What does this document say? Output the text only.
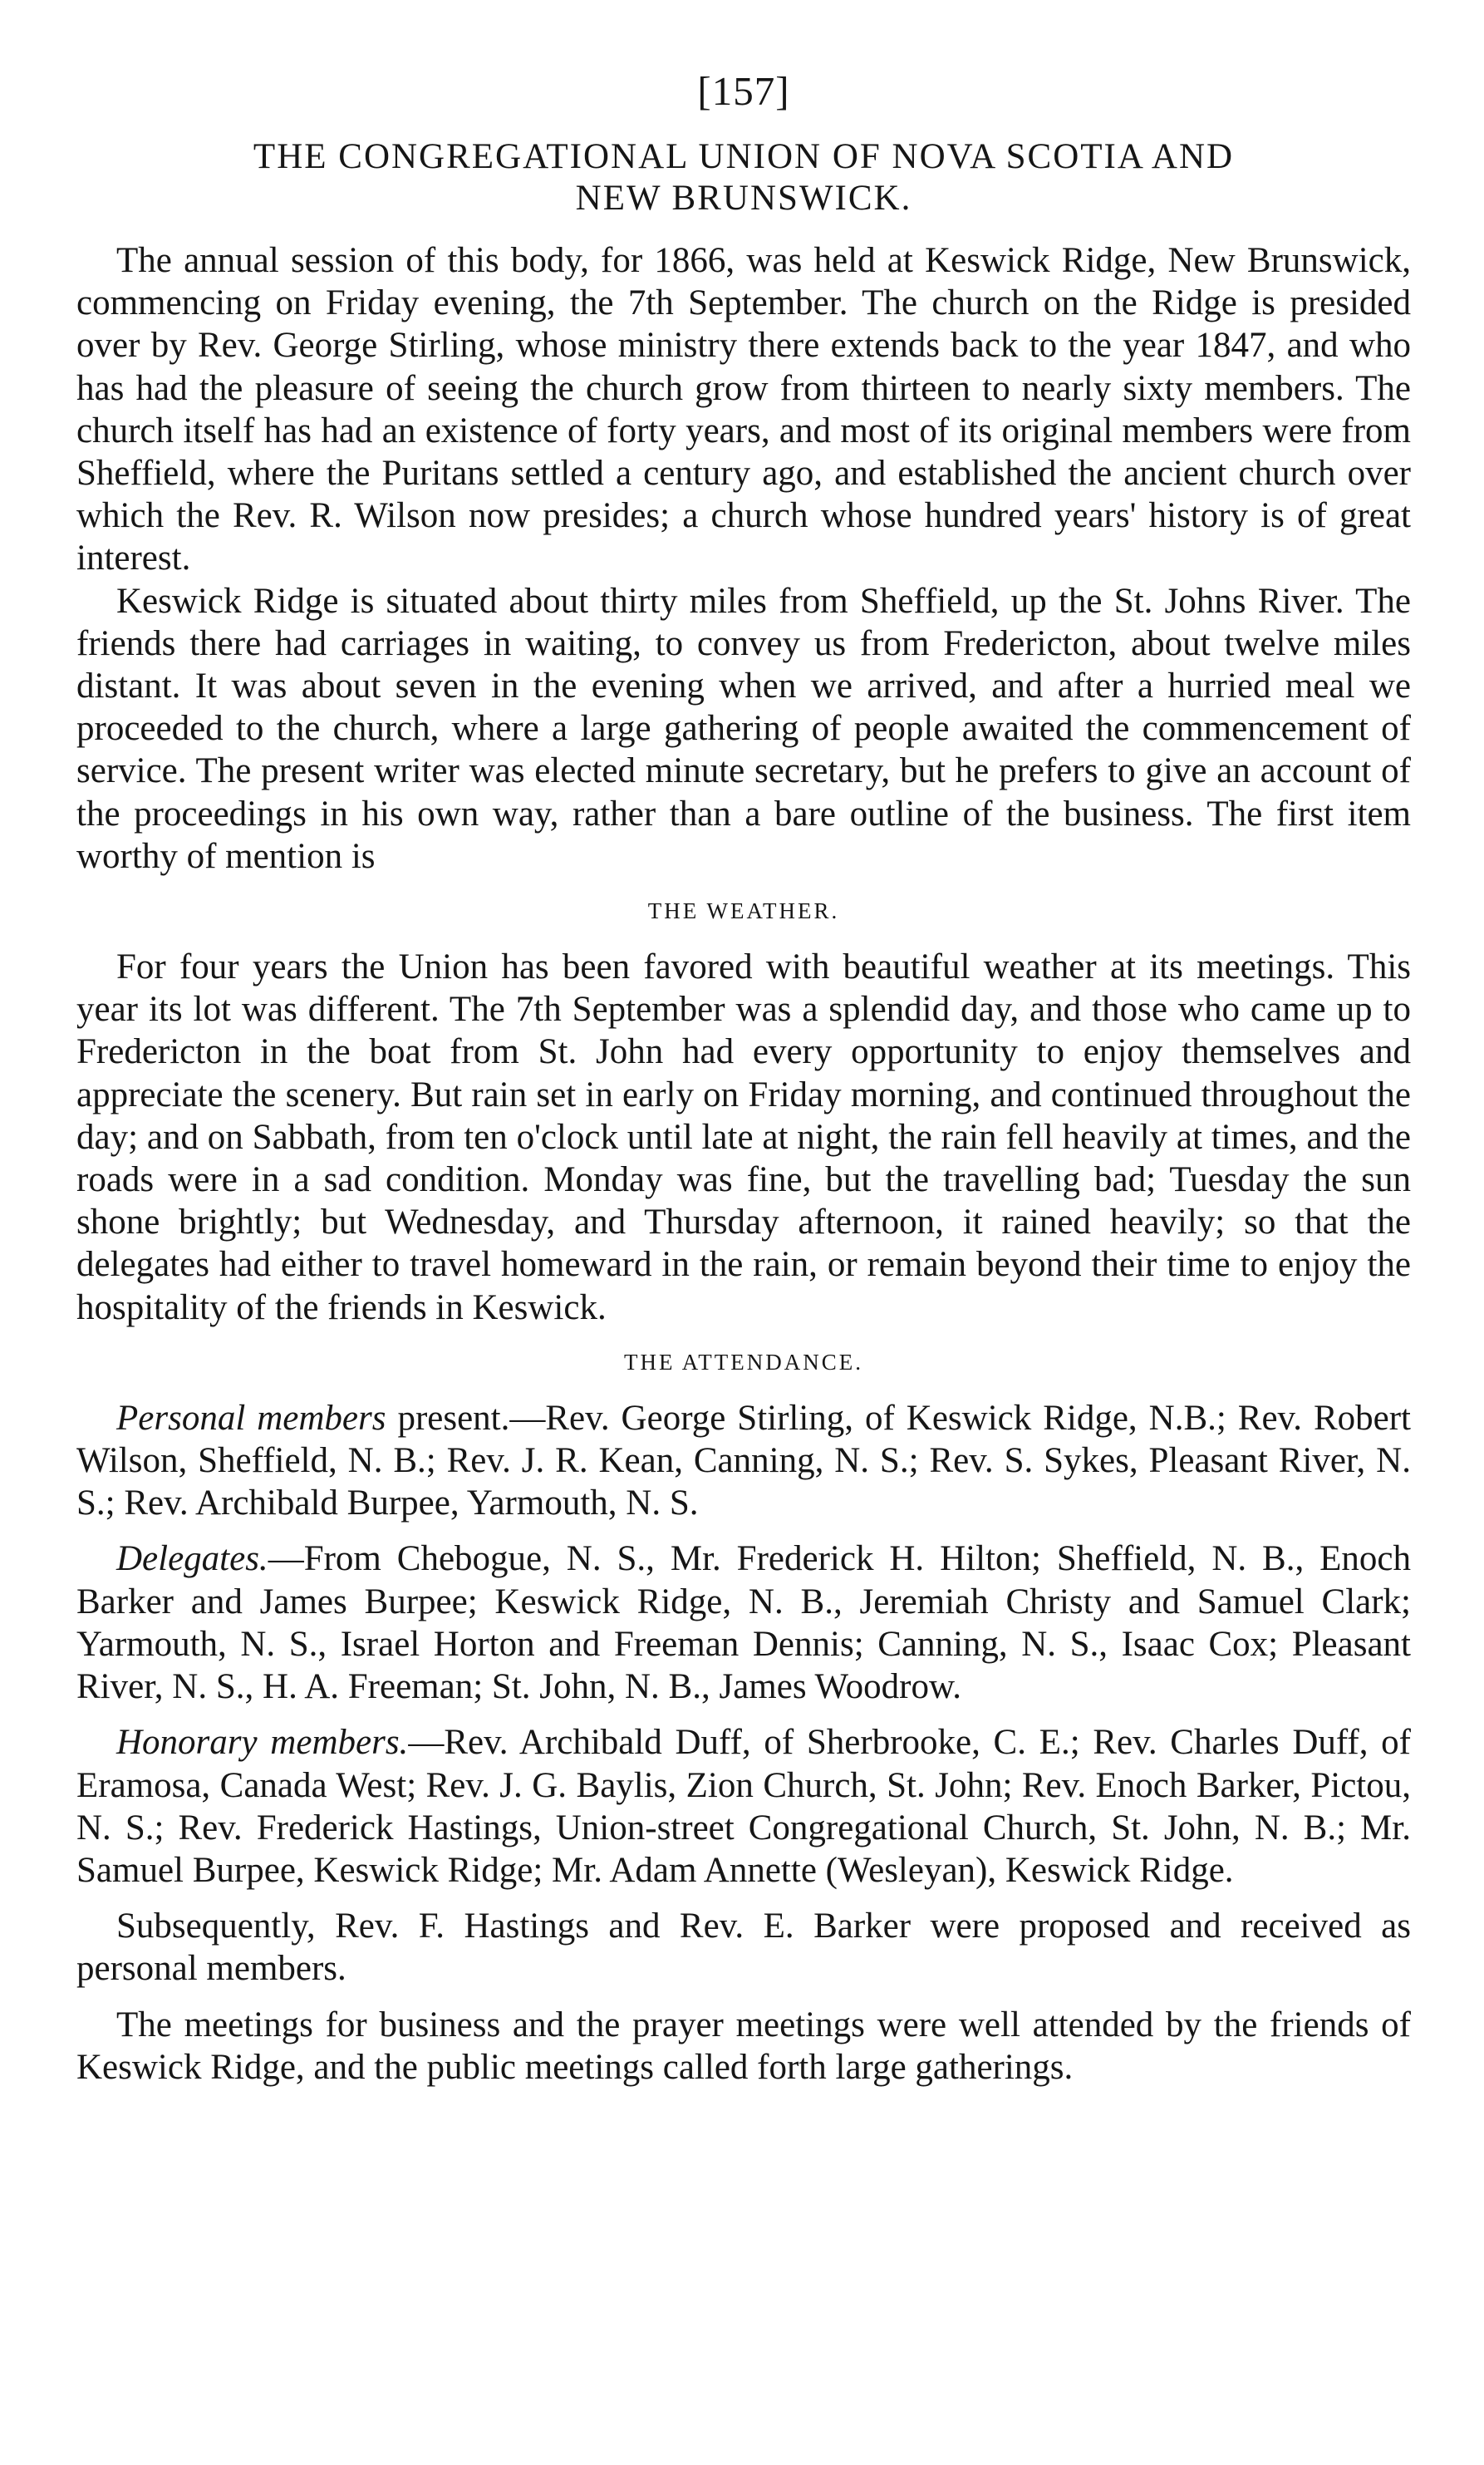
[157]
THE CONGREGATIONAL UNION OF NOVA SCOTIA AND
NEW BRUNSWICK.

The annual session of this body, for 1866, was held at Keswick Ridge, New Brunswick, commencing on Friday evening, the 7th September. The church on the Ridge is presided over by Rev. George Stirling, whose ministry there extends back to the year 1847, and who has had the pleasure of seeing the church grow from thirteen to nearly sixty members. The church itself has had an existence of forty years, and most of its original members were from Sheffield, where the Puritans settled a century ago, and established the ancient church over which the Rev. R. Wilson now presides; a church whose hundred years' history is of great interest.

Keswick Ridge is situated about thirty miles from Sheffield, up the St. Johns River. The friends there had carriages in waiting, to convey us from Fredericton, about twelve miles distant. It was about seven in the evening when we arrived, and after a hurried meal we proceeded to the church, where a large gathering of people awaited the commencement of service. The present writer was elected minute secretary, but he prefers to give an account of the proceedings in his own way, rather than a bare outline of the business. The first item worthy of mention is

THE WEATHER.

For four years the Union has been favored with beautiful weather at its meetings. This year its lot was different. The 7th September was a splendid day, and those who came up to Fredericton in the boat from St. John had every opportunity to enjoy themselves and appreciate the scenery. But rain set in early on Friday morning, and continued throughout the day; and on Sabbath, from ten o'clock until late at night, the rain fell heavily at times, and the roads were in a sad condition. Monday was fine, but the travelling bad; Tuesday the sun shone brightly; but Wednesday, and Thursday afternoon, it rained heavily; so that the delegates had either to travel homeward in the rain, or remain beyond their time to enjoy the hospitality of the friends in Keswick.

THE ATTENDANCE.

Personal members present.—Rev. George Stirling, of Keswick Ridge, N.B.; Rev. Robert Wilson, Sheffield, N. B.; Rev. J. R. Kean, Canning, N. S.; Rev. S. Sykes, Pleasant River, N. S.; Rev. Archibald Burpee, Yarmouth, N. S.

Delegates.—From Chebogue, N. S., Mr. Frederick H. Hilton; Sheffield, N. B., Enoch Barker and James Burpee; Keswick Ridge, N. B., Jeremiah Christy and Samuel Clark; Yarmouth, N. S., Israel Horton and Freeman Dennis; Canning, N. S., Isaac Cox; Pleasant River, N. S., H. A. Freeman; St. John, N. B., James Woodrow.

Honorary members.—Rev. Archibald Duff, of Sherbrooke, C. E.; Rev. Charles Duff, of Eramosa, Canada West; Rev. J. G. Baylis, Zion Church, St. John; Rev. Enoch Barker, Pictou, N. S.; Rev. Frederick Hastings, Union-street Congregational Church, St. John, N. B.; Mr. Samuel Burpee, Keswick Ridge; Mr. Adam Annette (Wesleyan), Keswick Ridge.

Subsequently, Rev. F. Hastings and Rev. E. Barker were proposed and received as personal members.

The meetings for business and the prayer meetings were well attended by the friends of Keswick Ridge, and the public meetings called forth large gatherings.
